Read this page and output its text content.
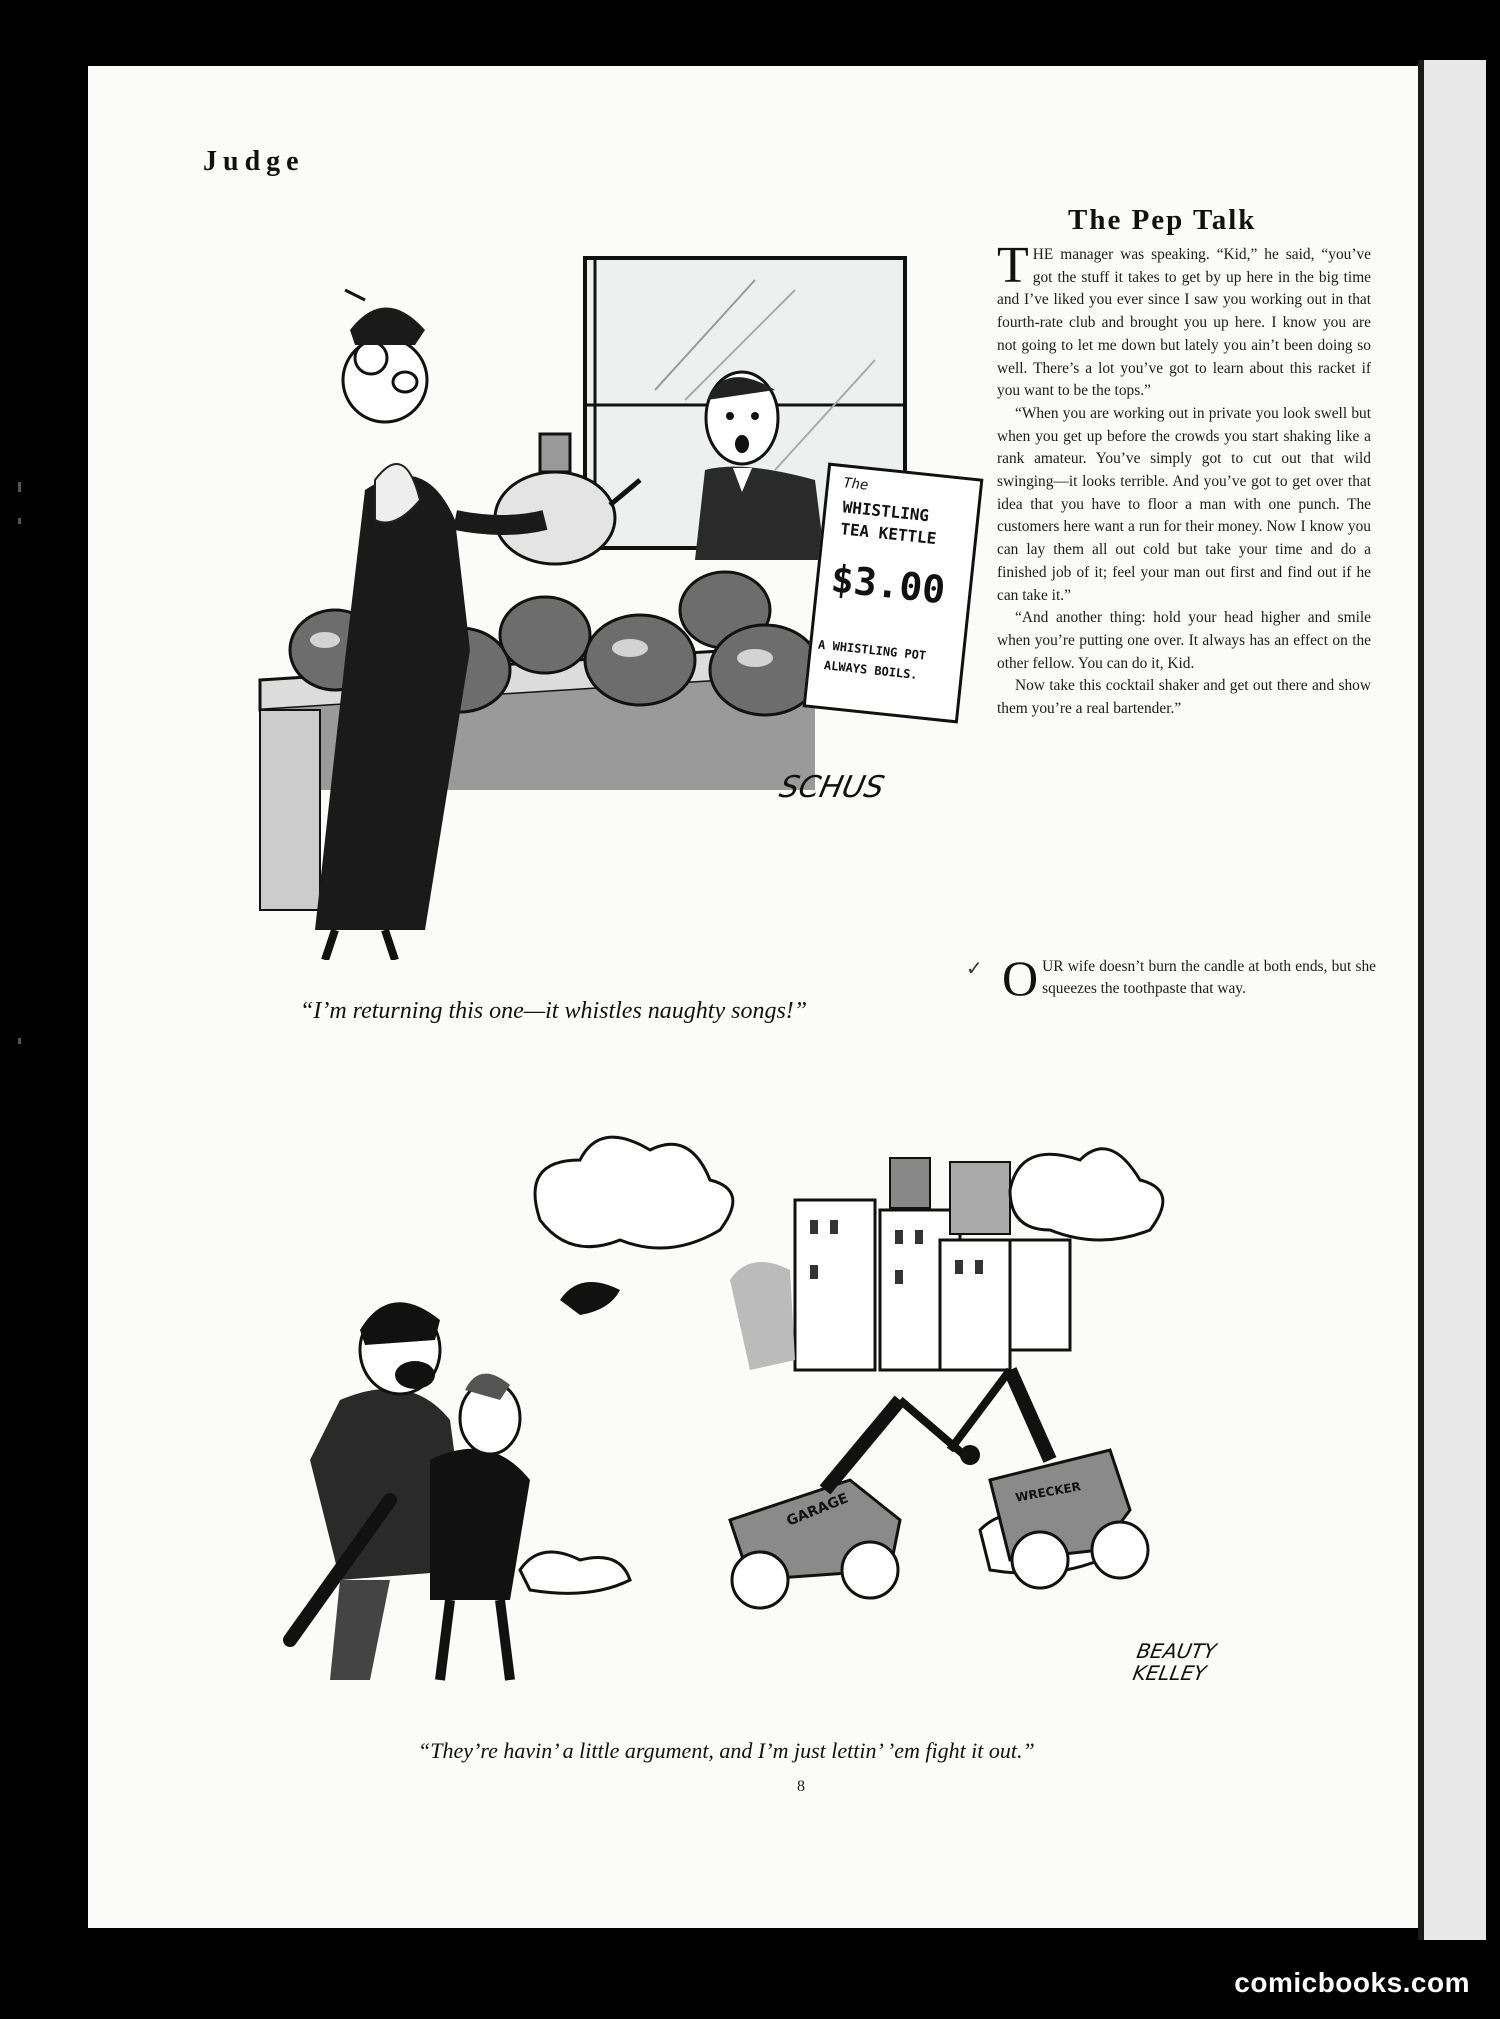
Judge
The
WHISTLING
TEA KETTLE
$3.00
A WHISTLING POT
ALWAYS BOILS.
SCHUS
“I’m returning this one—it whistles naughty songs!”
The Pep Talk

THE manager was speaking. “Kid,” he said, “you’ve got the stuff it takes to get by up here in the big time and I’ve liked you ever since I saw you working out in that fourth-rate club and brought you up here. I know you are not going to let me down but lately you ain’t been doing so well. There’s a lot you’ve got to learn about this racket if you want to be the tops.”

“When you are working out in private you look swell but when you get up before the crowds you start shaking like a rank amateur. You’ve simply got to cut out that wild swinging—it looks terrible. And you’ve got to get over that idea that you have to floor a man with one punch. The customers here want a run for their money. Now I know you can lay them all out cold but take your time and do a finished job of it; feel your man out first and find out if he can take it.”

“And another thing: hold your head higher and smile when you’re putting one over. It always has an effect on the other fellow. You can do it, Kid.

Now take this cocktail shaker and get out there and show them you’re a real bartender.”

✓ OUR wife doesn’t burn the candle at both ends, but she squeezes the toothpaste that way.
GARAGE	WRECKER
BEAUTY KELLEY
“They’re havin’ a little argument, and I’m just lettin’ ’em fight it out.”
8
comicbooks.com
